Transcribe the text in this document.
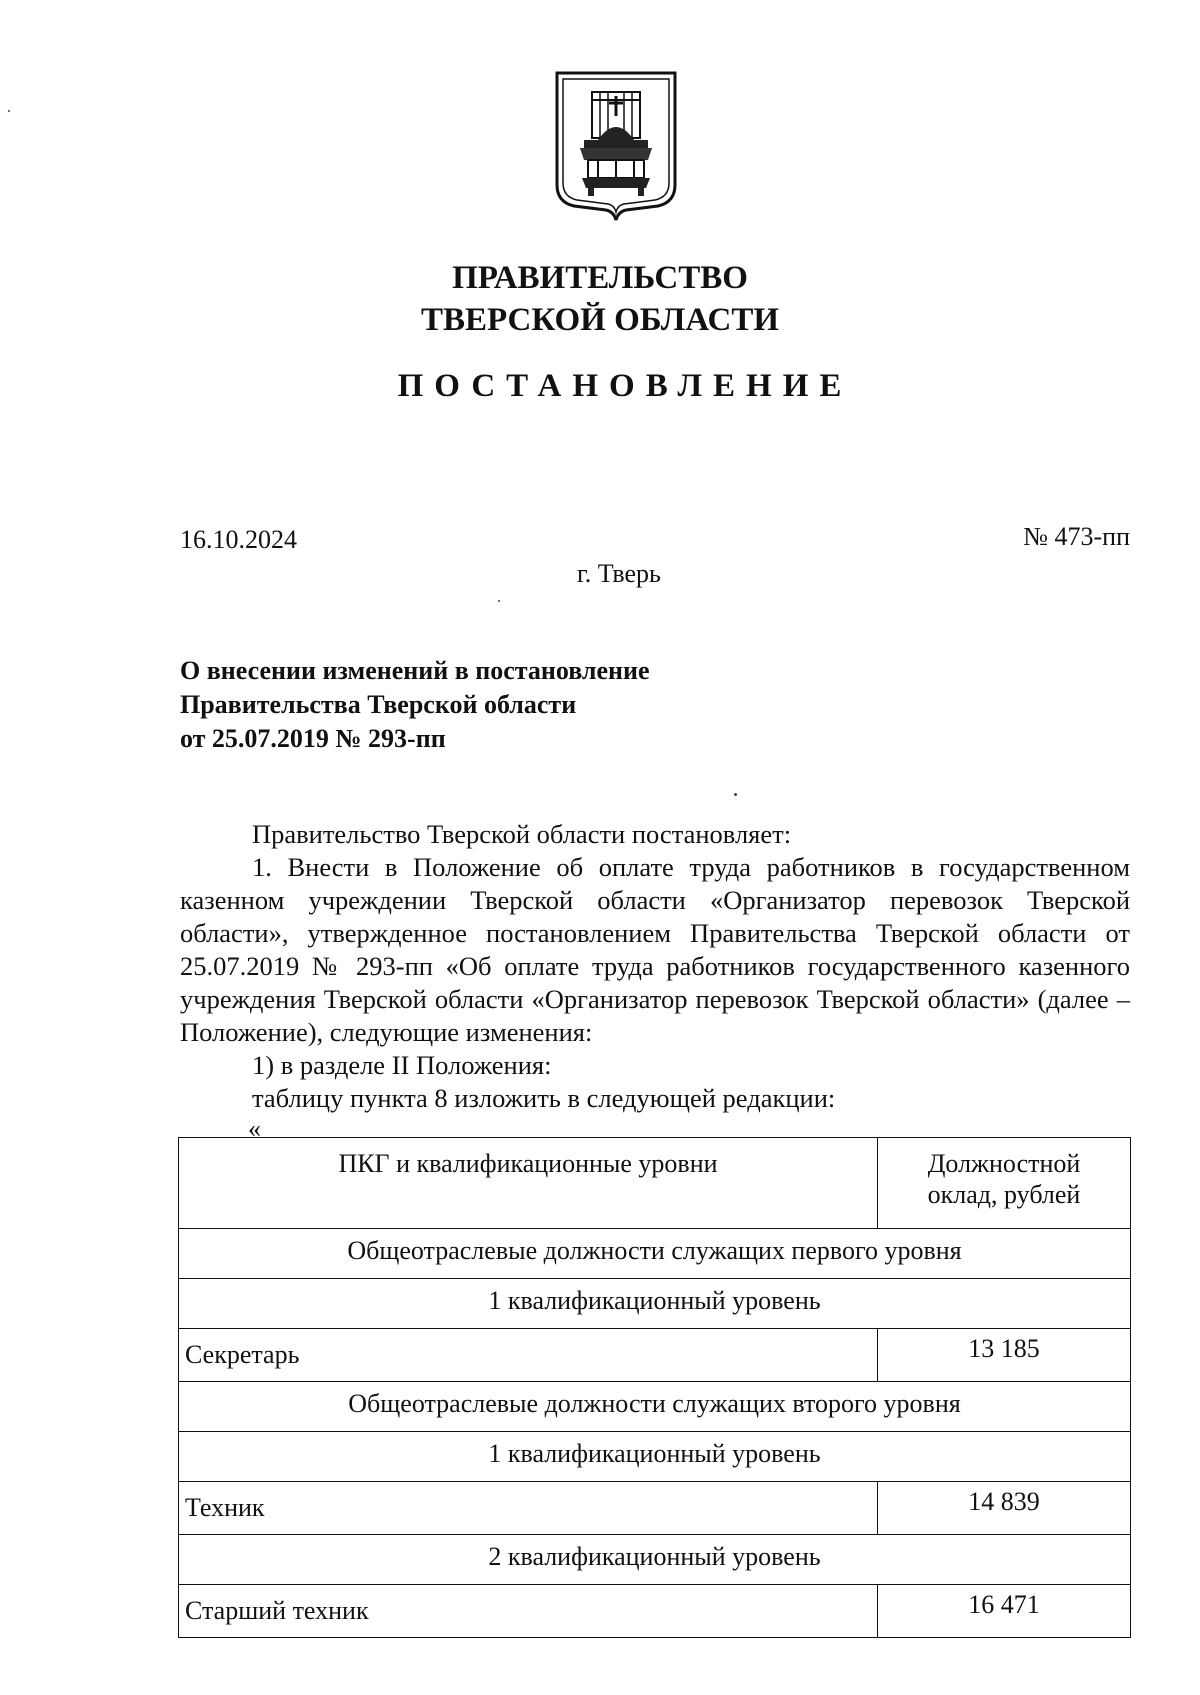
ПРАВИТЕЛЬСТВО
ТВЕРСКОЙ ОБЛАСТИ
ПОСТАНОВЛЕНИЕ
16.10.2024	№ 473-пп
г. Тверь
О внесении изменений в постановление
Правительства Тверской области
от 25.07.2019 № 293-пп

Правительство Тверской области постановляет:

1. Внести в Положение об оплате труда работников в государственном казенном учреждении Тверской области «Организатор перевозок Тверской области», утвержденное постановлением Правительства Тверской области от 25.07.2019 № 293-пп «Об оплате труда работников государственного казенного учреждения Тверской области «Организатор перевозок Тверской области» (далее – Положение), следующие изменения:

1) в разделе II Положения:

таблицу пункта 8 изложить в следующей редакции:

«
ПКГ и квалификационные уровни	Должностной
оклад, рублей

Общеотраслевые должности служащих первого уровня	
1 квалификационный уровень	
Секретарь	13 185
Общеотраслевые должности служащих второго уровня	
1 квалификационный уровень	
Техник	14 839
2 квалификационный уровень	
Старший техник	16 471
